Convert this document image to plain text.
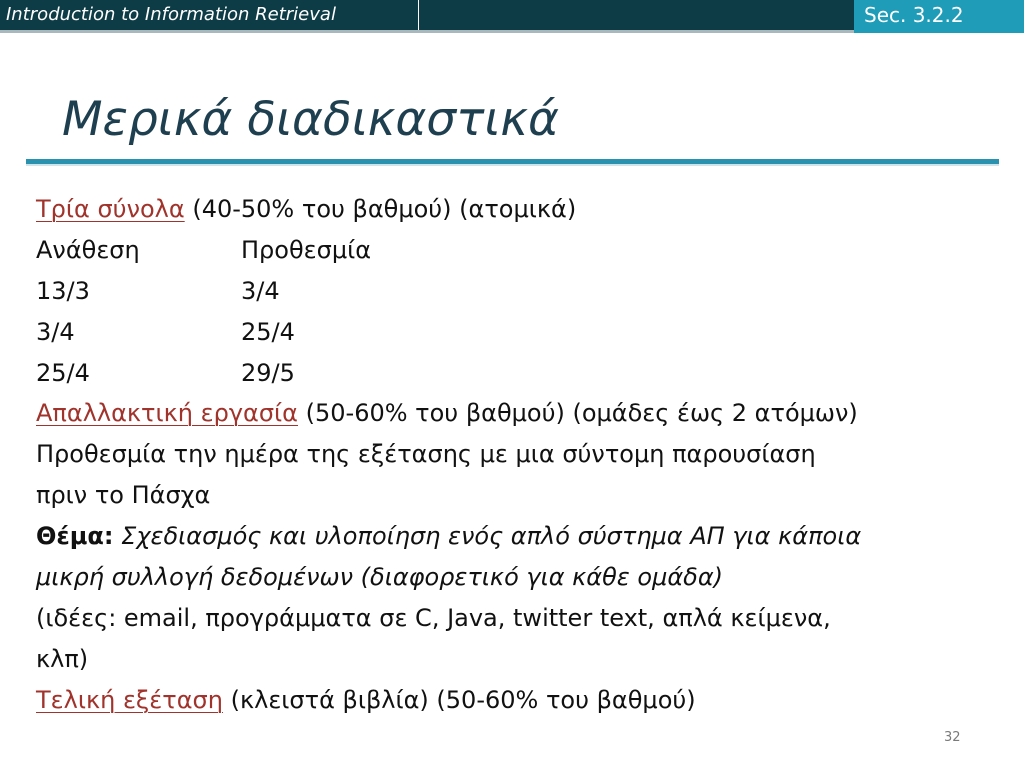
Introduction to Information Retrieval	Sec. 3.2.2
Μερικά διαδικαστικά
Τρία σύνολα (40-50% του βαθμού) (ατομικά)
Ανάθεση	Προθεσμία
13/3	3/4
3/4	25/4
25/4	29/5
Απαλλακτική εργασία (50-60% του βαθμού) (ομάδες έως 2 ατόμων)
Προθεσμία την ημέρα της εξέτασης με μια σύντομη παρουσίαση
πριν το Πάσχα
Θέμα: Σχεδιασμός και υλοποίηση ενός απλό σύστημα ΑΠ για κάποια
μικρή συλλογή δεδομένων (διαφορετικό για κάθε ομάδα)
(ιδέες: email, προγράμματα σε C, Java, twitter text, απλά κείμενα,
κλπ)
Τελική εξέταση (κλειστά βιβλία) (50-60% του βαθμού)
32
